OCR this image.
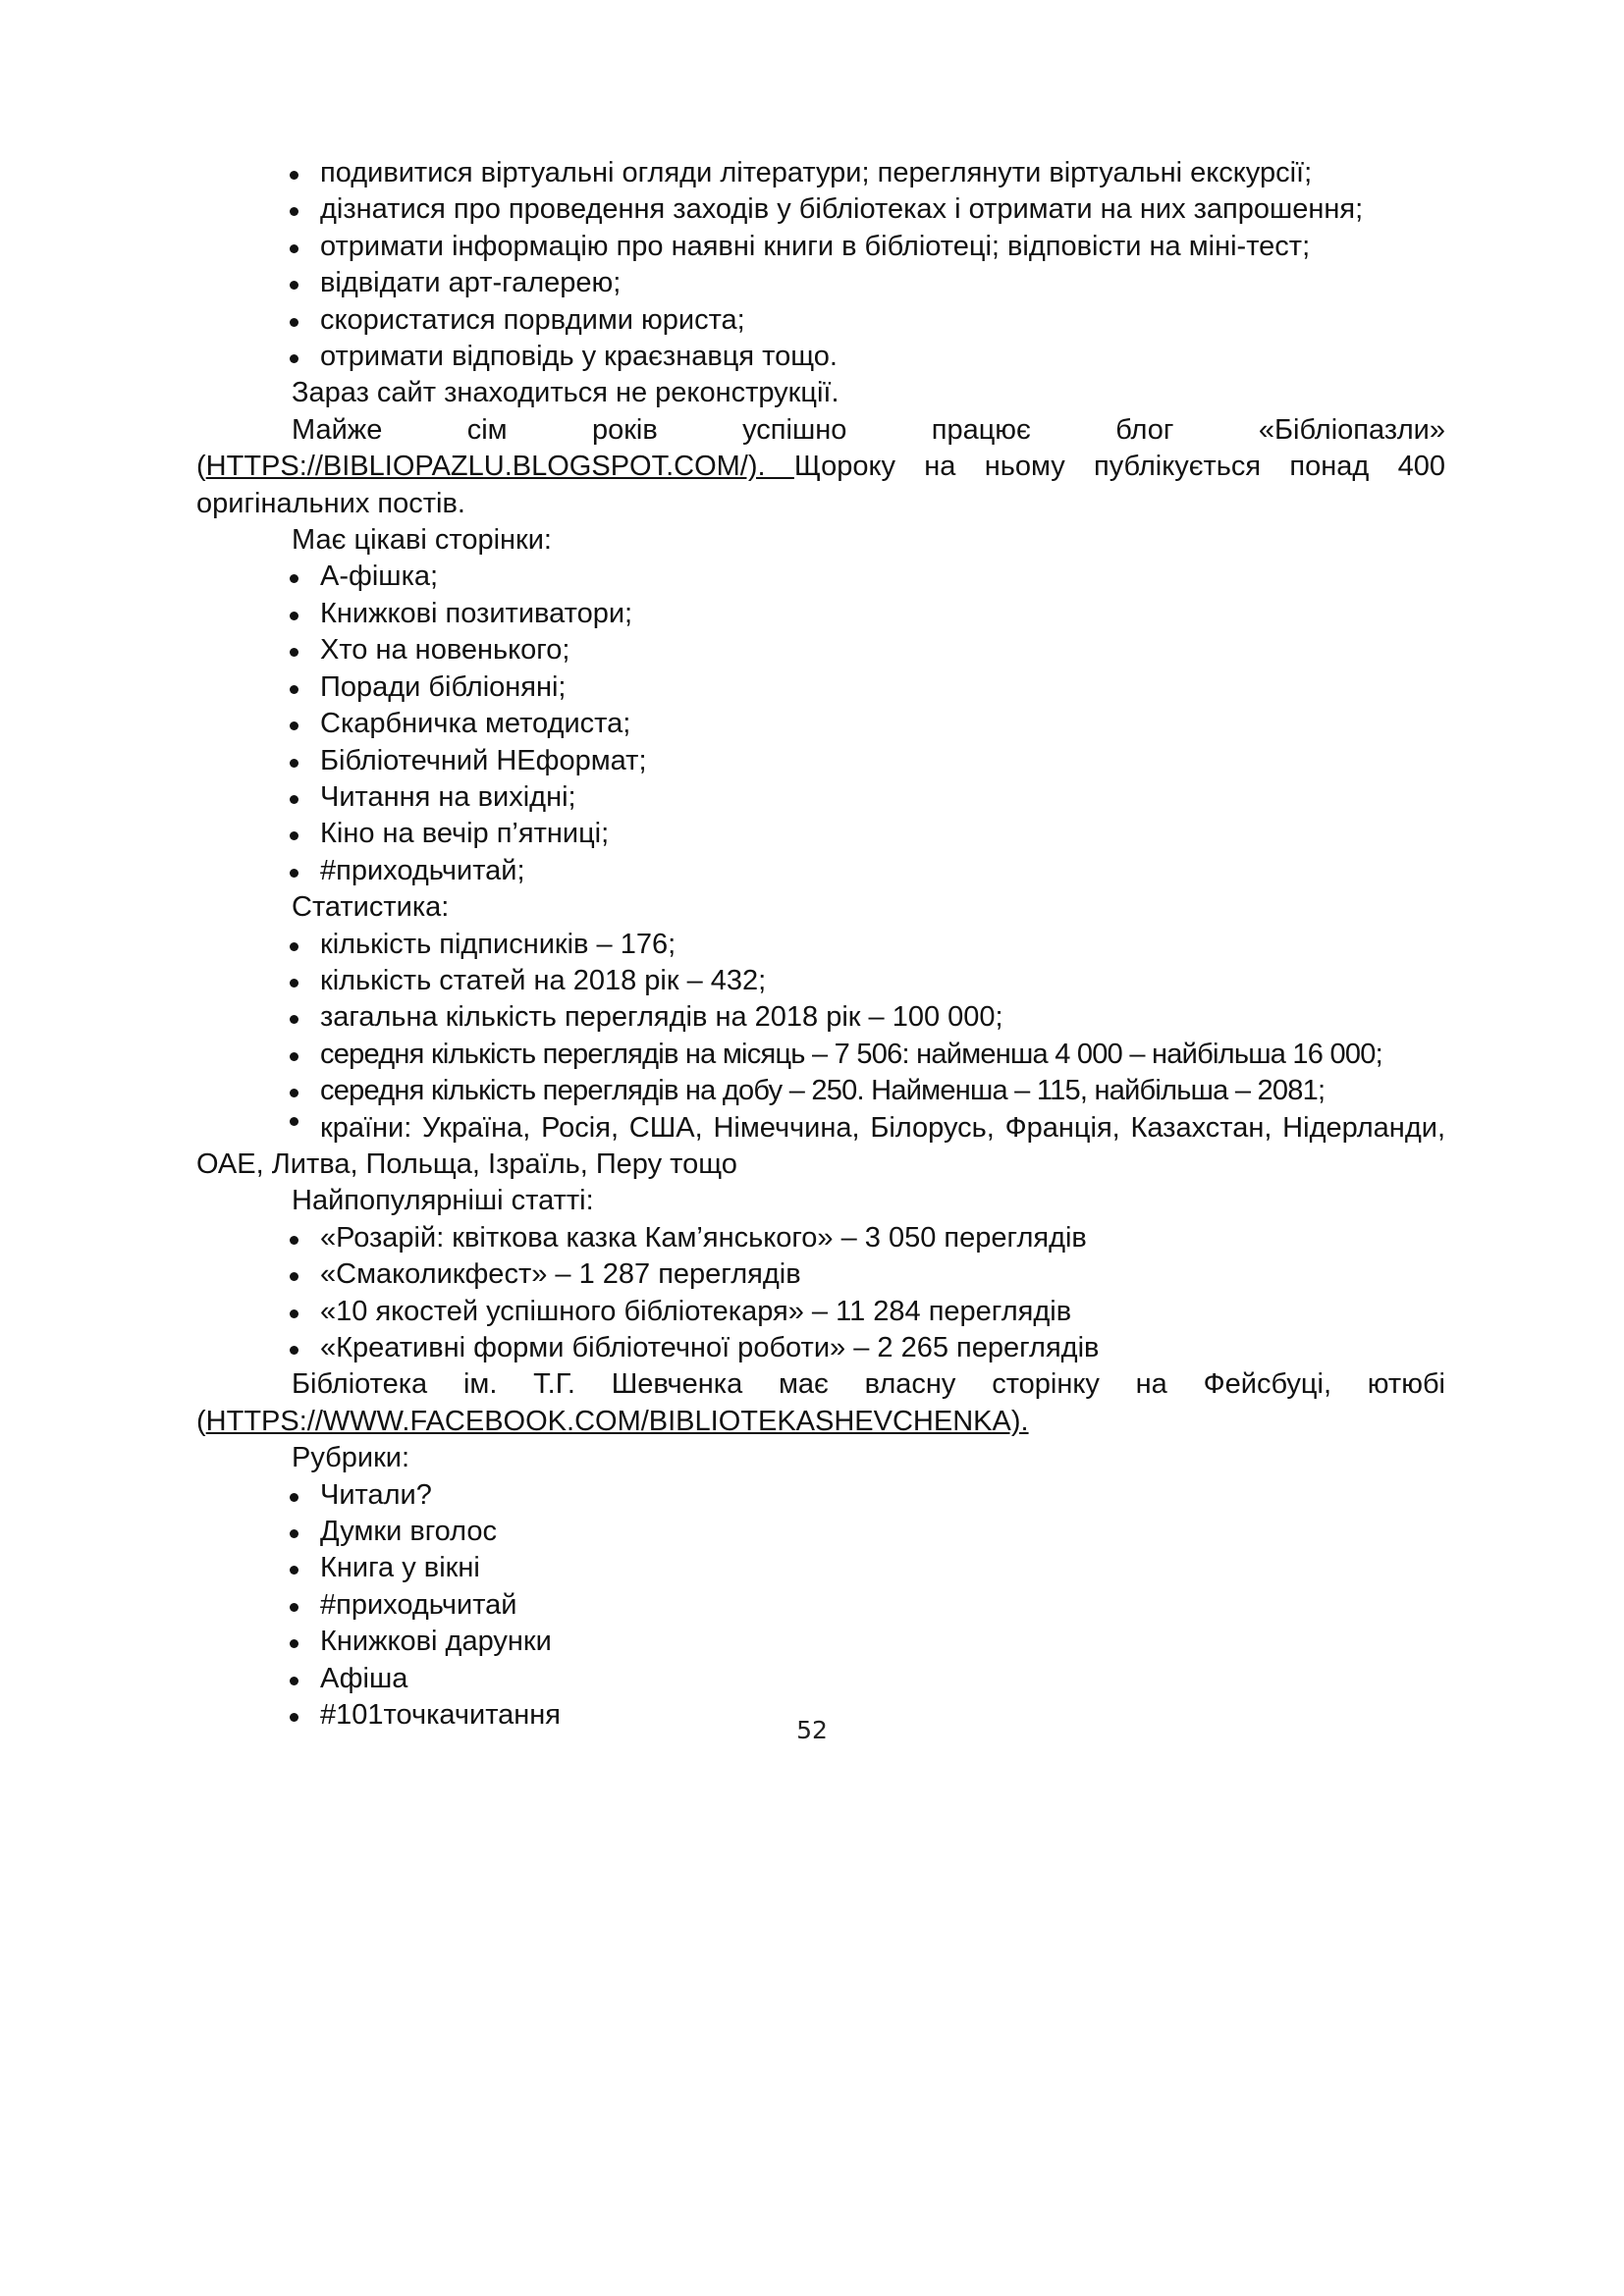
подивитися віртуальні огляди літератури; переглянути віртуальні екскурсії;
дізнатися про проведення заходів у бібліотеках і отримати на них запрошення;
отримати інформацію про наявні книги в бібліотеці; відповісти на міні-тест;
відвідати арт-галерею;
скористатися порвдими юриста;
отримати відповідь у краєзнавця тощо.

Зараз сайт знаходиться не реконструкції.

Майже сім років успішно працює блог «Бібліопазли» (HTTPS://BIBLIOPAZLU.BLOGSPOT.COM/). Щороку на ньому публікується понад 400 оригінальних постів.

Має цікаві сторінки:

А-фішка;
Книжкові позитиватори;
Хто на новенького;
Поради бібліоняні;
Скарбничка методиста;
Бібліотечний НЕформат;
Читання на вихідні;
Кіно на вечір п’ятниці;
#приходьчитай;

Статистика:

кількість підписників – 176;
кількість статей на 2018 рік – 432;
загальна кількість переглядів на 2018 рік – 100 000;
середня кількість переглядів на місяць – 7 506: найменша 4 000 – найбільша 16 000;
середня кількість переглядів на добу – 250. Найменша – 115, найбільша – 2081;

країни: Україна, Росія, США, Німеччина, Білорусь, Франція, Казахстан, Нідерланди, ОАЕ, Литва, Польща, Ізраїль, Перу тощо

Найпопулярніші статті:

«Розарій: квіткова казка Кам’янського» – 3 050 переглядів
«Смаколикфест» – 1 287 переглядів
«10 якостей успішного бібліотекаря» – 11 284 переглядів
«Креативні форми бібліотечної роботи» – 2 265 переглядів

Бібліотека ім. Т.Г. Шевченка має власну сторінку на Фейсбуці, ютюбі (HTTPS://WWW.FACEBOOK.COM/BIBLIOTEKASHEVCHENKA).

Рубрики:

Читали?
Думки вголос
Книга у вікні
#приходьчитай
Книжкові дарунки
Афіша
#101точкачитання	52
